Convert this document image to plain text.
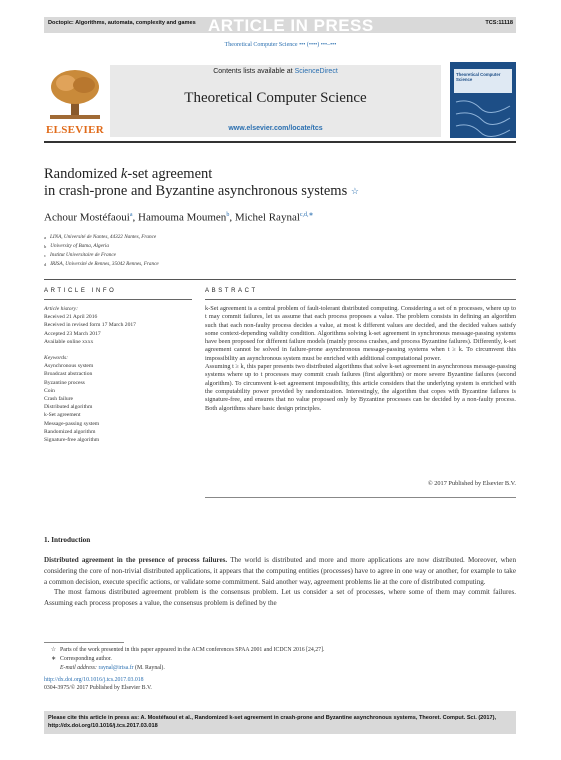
Doctopic: Algorithms, automata, complexity and games ARTICLE IN PRESS	TCS:11118
Theoretical Computer Science ••• (••••) •••–•••
ELSEVIER
Contents lists available at ScienceDirect
Theoretical Computer Science
www.elsevier.com/locate/tcs
Theoretical Computer Science
Randomized k-set agreement
in crash-prone and Byzantine asynchronous systems ☆
Achour Mostéfaoui$^a$, Hamouma Moumen$^b$, Michel Raynal$^{c,d,∗}$
a LINA, Université de Nantes, 44322 Nantes, France
b University of Batna, Algeria
c Institut Universitaire de France
d IRISA, Université de Rennes, 35042 Rennes, France
ARTICLE INFO
Article history:
Received 21 April 2016
Received in revised form 17 March 2017
Accepted 23 March 2017
Available online xxxx
Keywords:
Asynchronous system
Broadcast abstraction
Byzantine process
Coin
Crash failure
Distributed algorithm
k-Set agreement
Message-passing system
Randomized algorithm
Signature-free algorithm
ABSTRACT

k-Set agreement is a central problem of fault-tolerant distributed computing. Considering a set of n processes, where up to t may commit failures, let us assume that each process proposes a value. The problem consists in defining an algorithm such that each non-faulty process decides a value, at most k different values are decided, and the decided values satisfy some context-depending validity condition. Algorithms solving k-set agreement in synchronous message-passing systems have been proposed for different failure models (mainly process crashes, and process Byzantine failures). Differently, k-set agreement cannot be solved in failure-prone asynchronous message-passing systems when t ≥ k. To circumvent this impossibility an asynchronous system must be enriched with additional computational power.

Assuming t ≥ k, this paper presents two distributed algorithms that solve k-set agreement in asynchronous message-passing systems where up to t processes may commit crash failures (first algorithm) or more severe Byzantine failures (second algorithm). To circumvent k-set agreement impossibility, this article considers that the underlying system is enriched with the computability power provided by randomization. Interestingly, the algorithm that copes with Byzantine failures is signature-free, and ensures that no value proposed only by Byzantine processes can be decided by a non-faulty process. Both algorithms share basic design principles.

© 2017 Published by Elsevier B.V.
1. Introduction

Distributed agreement in the presence of process failures. The world is distributed and more and more applications are now distributed. Moreover, when considering the core of non-trivial distributed applications, it appears that the computing entities (processes) have to agree in one way or another, for example to take a common decision, execute specific actions, or validate some commitment. Said another way, agreement problems lie at the core of distributed computing.

The most famous distributed agreement problem is the consensus problem. Let us consider a set of processes, where some of them may commit failures. Assuming each process proposes a value, the consensus problem is defined by the

☆ Parts of the work presented in this paper appeared in the ACM conferences SPAA 2001 and ICDCN 2016 [24,27].
∗ Corresponding author.
E-mail address: raynal@irisa.fr (M. Raynal).
http://dx.doi.org/10.1016/j.tcs.2017.03.018
0304-3975/© 2017 Published by Elsevier B.V.
Please cite this article in press as: A. Mostéfaoui et al., Randomized k-set agreement in crash-prone and Byzantine asynchronous systems, Theoret. Comput. Sci. (2017), http://dx.doi.org/10.1016/j.tcs.2017.03.018
